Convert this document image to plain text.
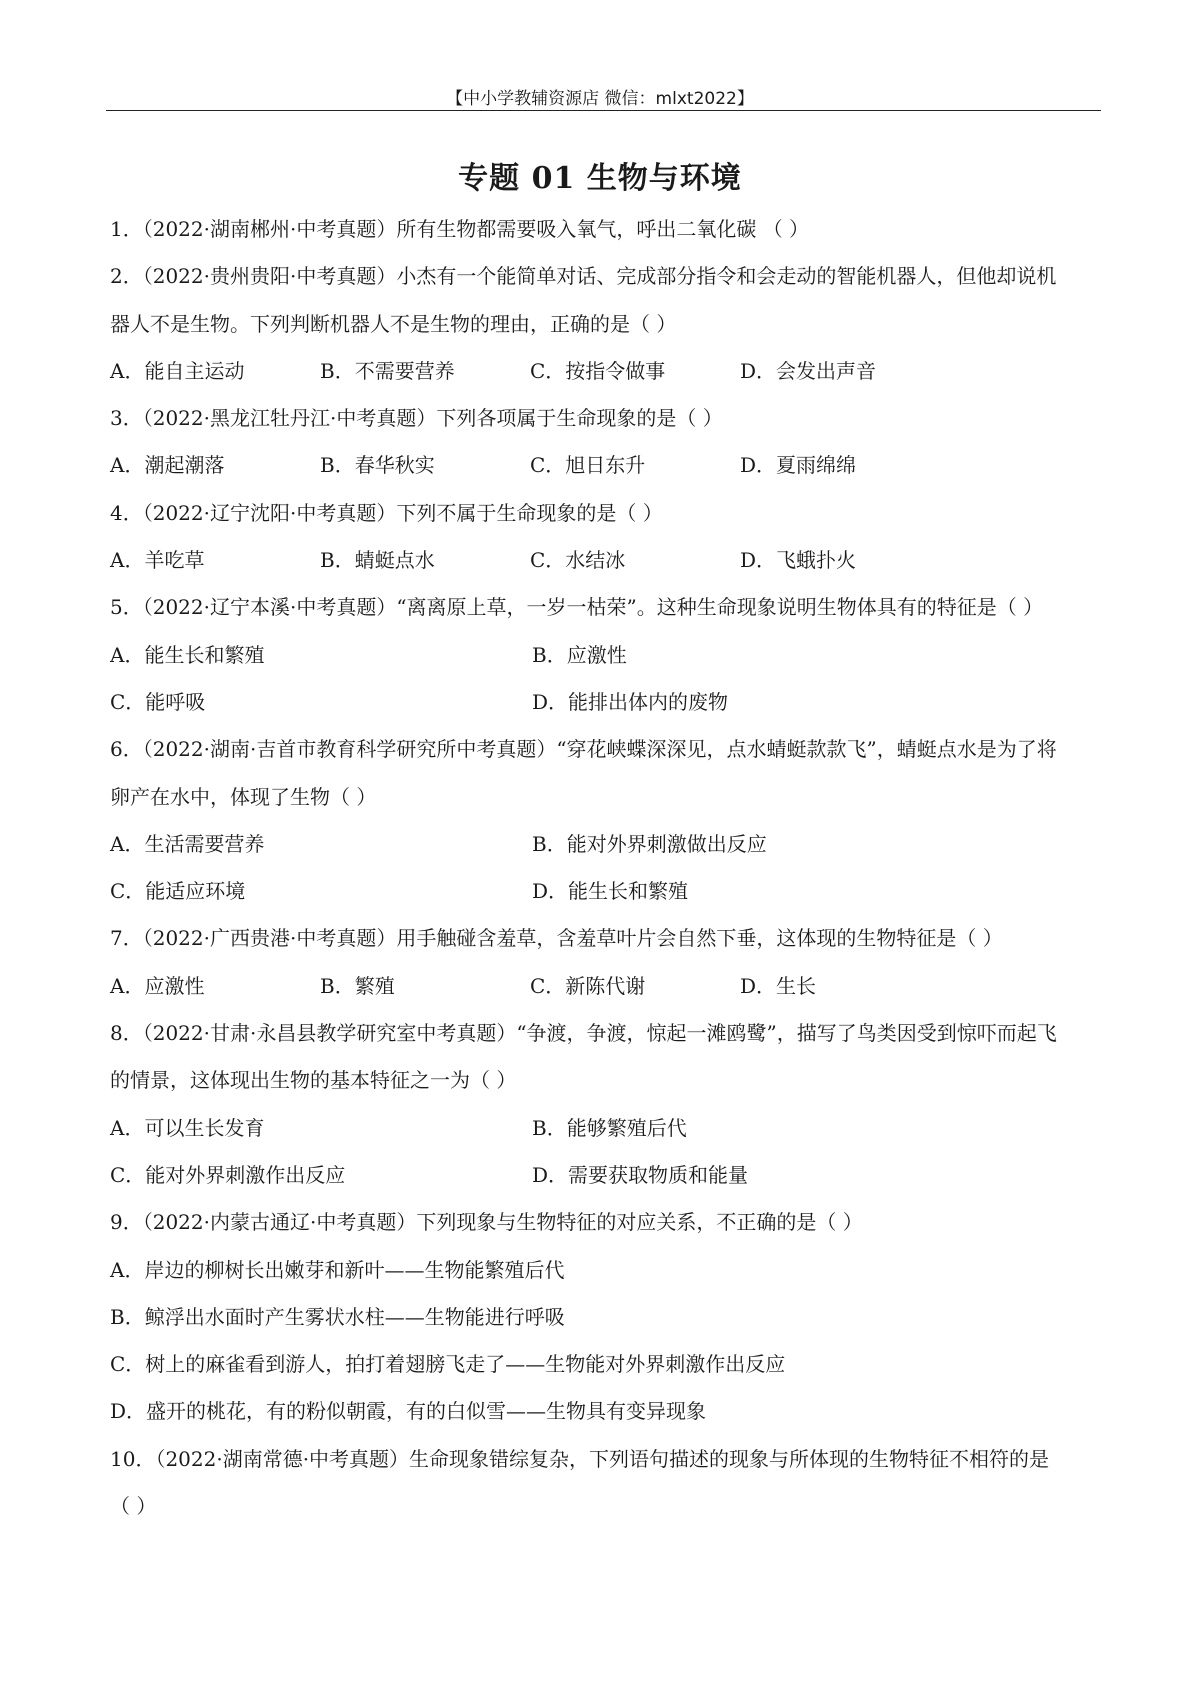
【中小学教辅资源店 微信：mlxt2022】
专题 01 生物与环境
1．（2022·湖南郴州·中考真题）所有生物都需要吸入氧气，呼出二氧化碳 （ ）
2．（2022·贵州贵阳·中考真题）小杰有一个能简单对话、完成部分指令和会走动的智能机器人，但他却说机
器人不是生物。下列判断机器人不是生物的理由，正确的是（ ）
A．能自主运动	B．不需要营养	C．按指令做事	D．会发出声音
3．（2022·黑龙江牡丹江·中考真题）下列各项属于生命现象的是（ ）
A．潮起潮落	B．春华秋实	C．旭日东升	D．夏雨绵绵
4．（2022·辽宁沈阳·中考真题）下列不属于生命现象的是（ ）
A．羊吃草	B．蜻蜓点水	C．水结冰	D．飞蛾扑火
5．（2022·辽宁本溪·中考真题）“离离原上草，一岁一枯荣”。这种生命现象说明生物体具有的特征是（ ）
A．能生长和繁殖	B．应激性
C．能呼吸	D．能排出体内的废物
6．（2022·湖南·吉首市教育科学研究所中考真题）“穿花峡蝶深深见，点水蜻蜓款款飞”，蜻蜓点水是为了将
卵产在水中，体现了生物（ ）
A．生活需要营养	B．能对外界刺激做出反应
C．能适应环境	D．能生长和繁殖
7．（2022·广西贵港·中考真题）用手触碰含羞草，含羞草叶片会自然下垂，这体现的生物特征是（ ）
A．应激性	B．繁殖	C．新陈代谢	D．生长
8．（2022·甘肃·永昌县教学研究室中考真题）“争渡，争渡，惊起一滩鸥鹭”，描写了鸟类因受到惊吓而起飞
的情景，这体现出生物的基本特征之一为（ ）
A．可以生长发育	B．能够繁殖后代
C．能对外界刺激作出反应	D．需要获取物质和能量
9．（2022·内蒙古通辽·中考真题）下列现象与生物特征的对应关系，不正确的是（ ）
A．岸边的柳树长出嫩芽和新叶——生物能繁殖后代
B．鲸浮出水面时产生雾状水柱——生物能进行呼吸
C．树上的麻雀看到游人，拍打着翅膀飞走了——生物能对外界刺激作出反应
D．盛开的桃花，有的粉似朝霞，有的白似雪——生物具有变异现象
10．（2022·湖南常德·中考真题）生命现象错综复杂，下列语句描述的现象与所体现的生物特征不相符的是
（ ）
